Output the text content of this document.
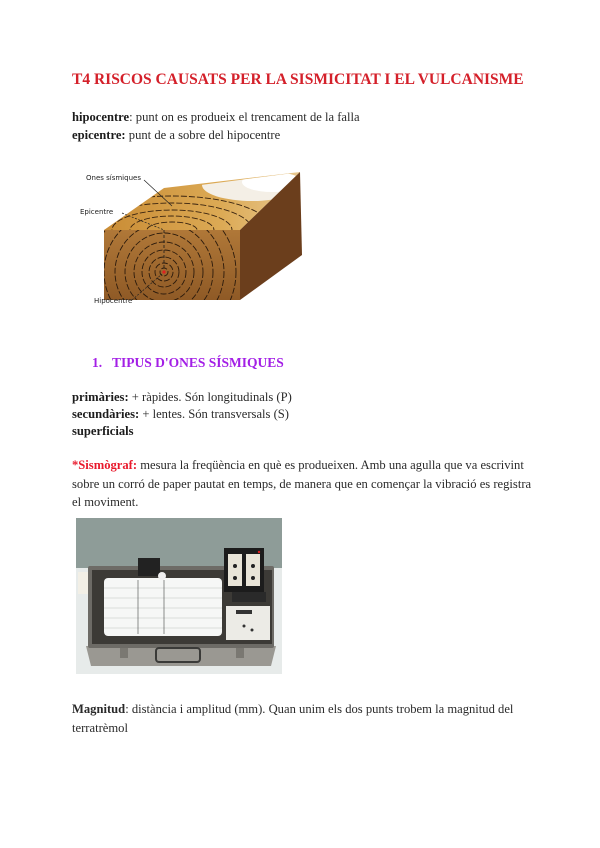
T4 RISCOS CAUSATS PER LA SISMICITAT I EL VULCANISME
hipocentre: punt on es produeix el trencament de la falla
epicentre: punt de a sobre del hipocentre
Ones sísmiques
Epicentre
Hipocentre
1. TIPUS D'ONES SÍSMIQUES
primàries: + ràpides. Són longitudinals (P)
secundàries: + lentes. Són transversals (S)
superficials
*Sismògraf: mesura la freqüència en què es produeixen. Amb una agulla que va escrivint sobre un corró de paper pautat en temps, de manera que en començar la vibració es registra el moviment.
Magnitud: distància i amplitud (mm). Quan unim els dos punts trobem la magnitud del terratrèmol
